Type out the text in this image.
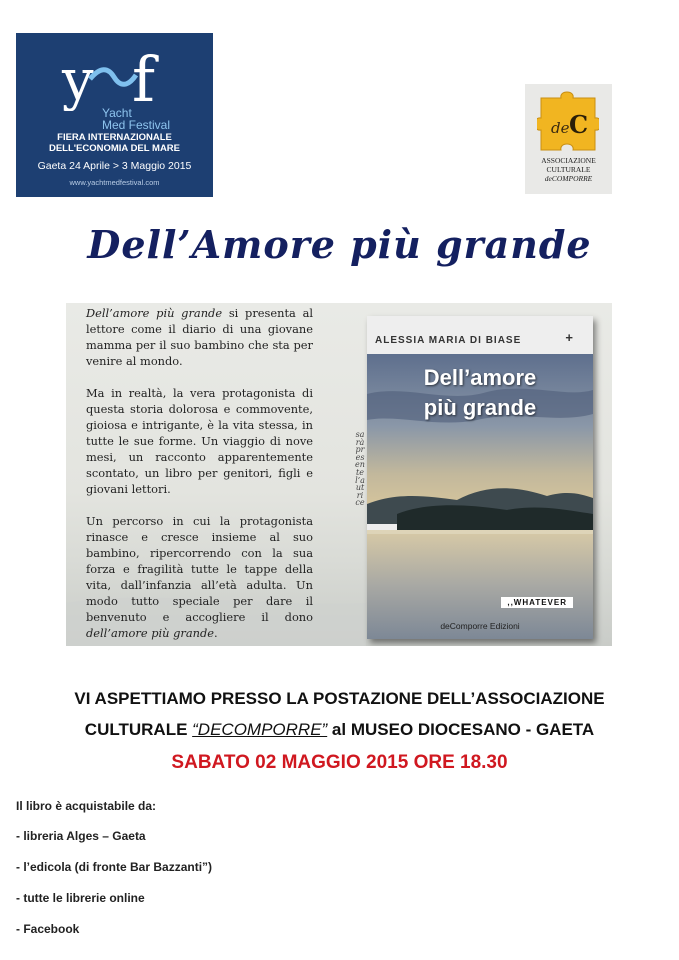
y f
Yacht
Med Festival
FIERA INTERNAZIONALE
DELL'ECONOMIA DEL MARE
Gaeta 24 Aprile > 3 Maggio 2015
www.yachtmedfestival.com
de C
ASSOCIAZIONE
CULTURALE
deCOMPORRE
Dell’Amore più grande

Dell’amore più grande si presenta al lettore come il diario di una giovane mamma per il suo bambino che sta per venire al mondo.

Ma in realtà, la vera protagonista di questa storia dolorosa e commovente, gioiosa e intrigante, è la vita stessa, in tutte le sue forme. Un viaggio di nove mesi, un racconto apparentemente scontato, un libro per genitori, figli e giovani lettori.

Un percorso in cui la protagonista rinasce e cresce insieme al suo bambino, ripercorrendo con la sua forza e fragilità tutte le tappe della vita, dall’infanzia all’età adulta. Un modo tutto speciale per dare il benvenuto e accogliere il dono dell’amore più grande.

sarà presente l’autrice
ALESSIA MARIA DI BIASE	+
Dell’amore
più grande
,,WHATEVER
deComporre Edizioni
VI ASPETTIAMO PRESSO LA POSTAZIONE DELL’ASSOCIAZIONE
CULTURALE “DECOMPORRE” al MUSEO DIOCESANO - GAETA
SABATO 02 MAGGIO 2015 ORE 18.30
Il libro è acquistabile da:
- libreria Alges – Gaeta
- l’edicola (di fronte Bar Bazzanti”)
- tutte le librerie online
- Facebook
